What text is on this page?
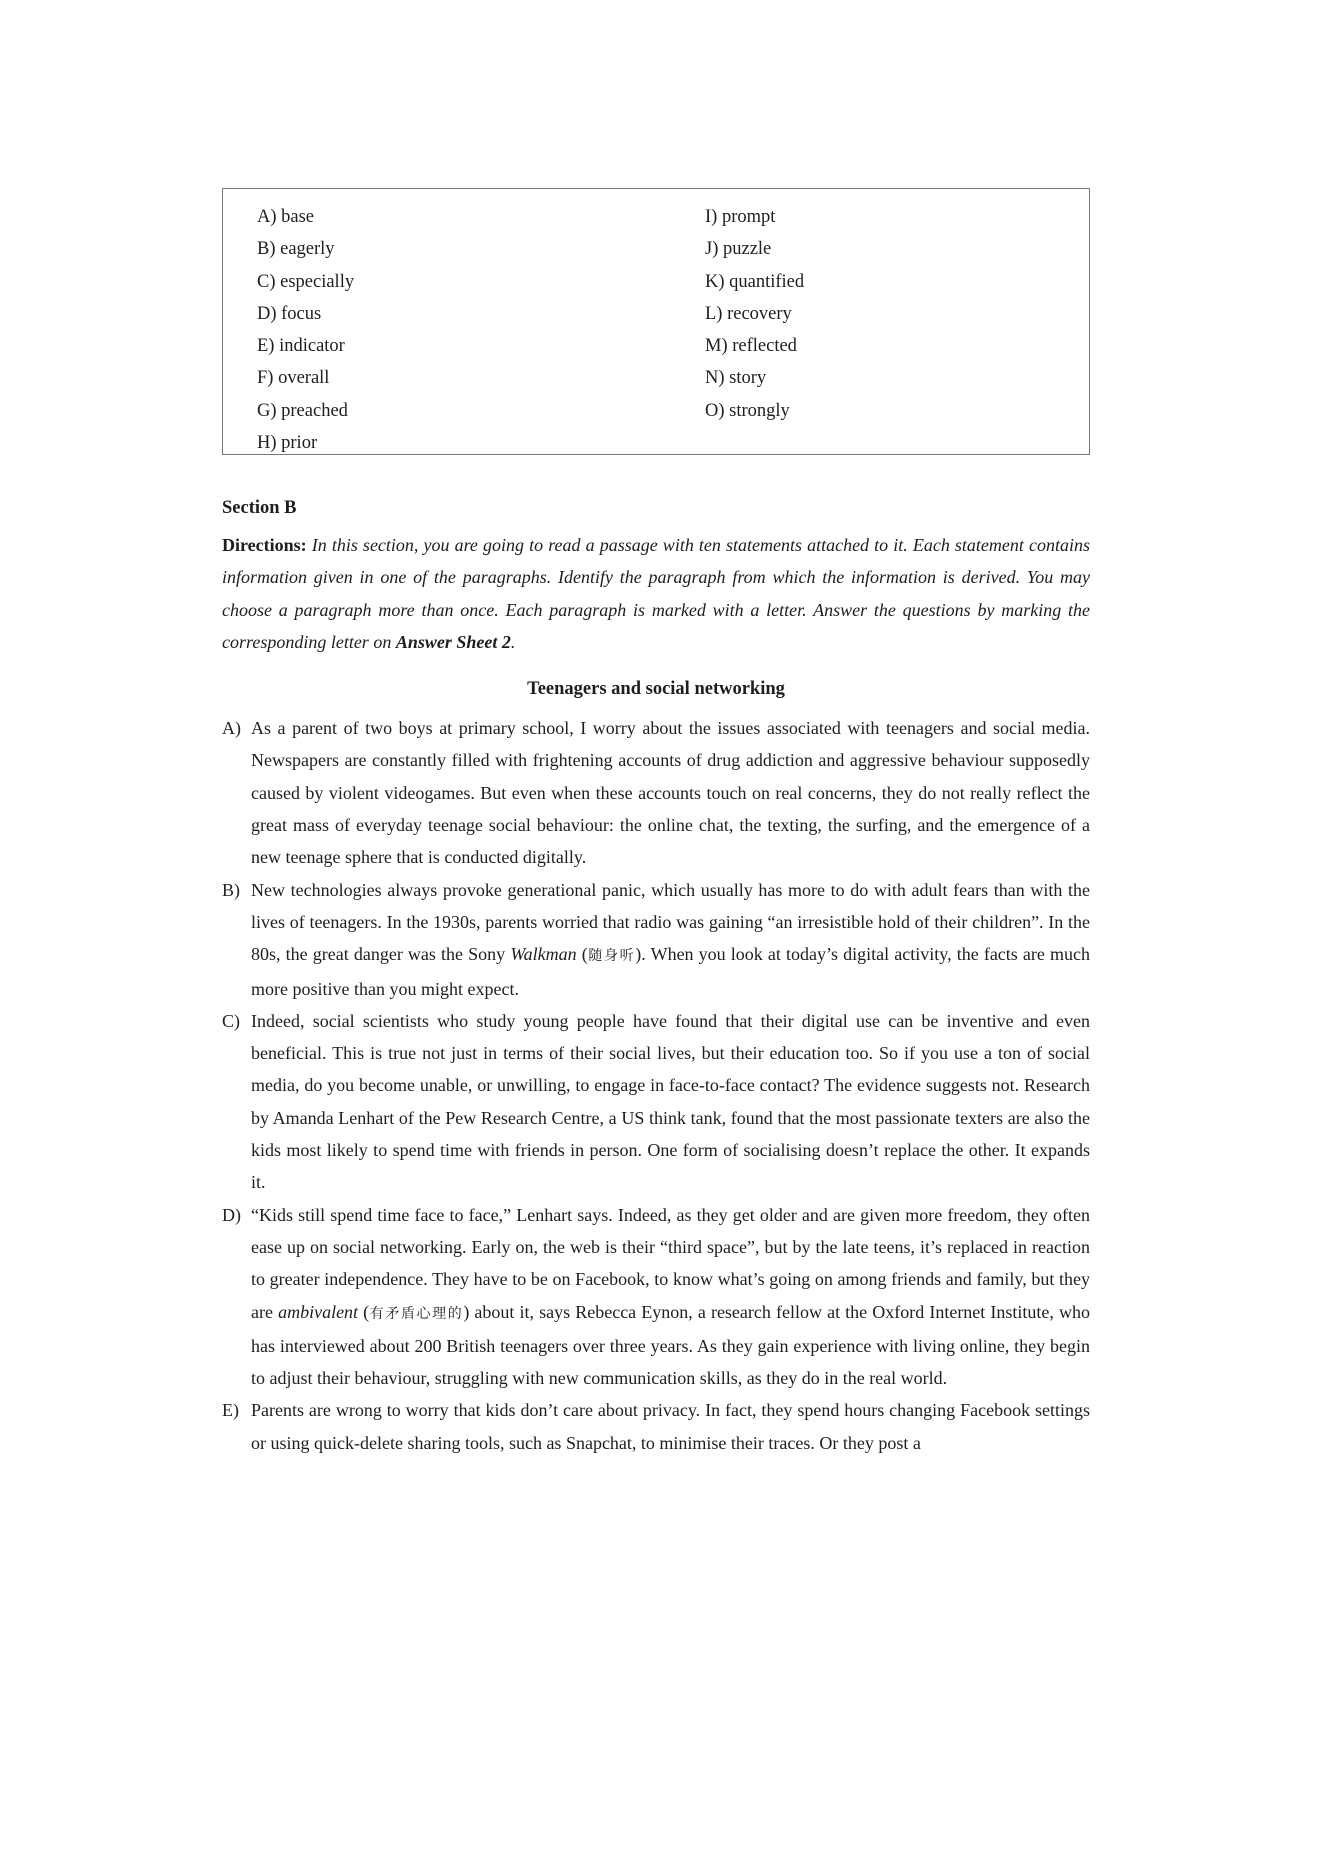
A) base
B) eagerly
C) especially
D) focus
E) indicator
F) overall
G) preached
H) prior
I) prompt
J) puzzle
K) quantified
L) recovery
M) reflected
N) story
O) strongly

Section B

Directions: In this section, you are going to read a passage with ten statements attached to it. Each statement contains information given in one of the paragraphs. Identify the paragraph from which the information is derived. You may choose a paragraph more than once. Each paragraph is marked with a letter. Answer the questions by marking the corresponding letter on Answer Sheet 2.

Teenagers and social networking

A) As a parent of two boys at primary school, I worry about the issues associated with teenagers and social media. Newspapers are constantly filled with frightening accounts of drug addiction and aggressive behaviour supposedly caused by violent videogames. But even when these accounts touch on real concerns, they do not really reflect the great mass of everyday teenage social behaviour: the online chat, the texting, the surfing, and the emergence of a new teenage sphere that is conducted digitally.

B) New technologies always provoke generational panic, which usually has more to do with adult fears than with the lives of teenagers. In the 1930s, parents worried that radio was gaining “an irresistible hold of their children”. In the 80s, the great danger was the Sony Walkman (随身听). When you look at today’s digital activity, the facts are much more positive than you might expect.

C) Indeed, social scientists who study young people have found that their digital use can be inventive and even beneficial. This is true not just in terms of their social lives, but their education too. So if you use a ton of social media, do you become unable, or unwilling, to engage in face-to-face contact? The evidence suggests not. Research by Amanda Lenhart of the Pew Research Centre, a US think tank, found that the most passionate texters are also the kids most likely to spend time with friends in person. One form of socialising doesn’t replace the other. It expands it.

D) “Kids still spend time face to face,” Lenhart says. Indeed, as they get older and are given more freedom, they often ease up on social networking. Early on, the web is their “third space”, but by the late teens, it’s replaced in reaction to greater independence. They have to be on Facebook, to know what’s going on among friends and family, but they are ambivalent (有矛盾心理的) about it, says Rebecca Eynon, a research fellow at the Oxford Internet Institute, who has interviewed about 200 British teenagers over three years. As they gain experience with living online, they begin to adjust their behaviour, struggling with new communication skills, as they do in the real world.

E) Parents are wrong to worry that kids don’t care about privacy. In fact, they spend hours changing Facebook settings or using quick-delete sharing tools, such as Snapchat, to minimise their traces. Or they post a
